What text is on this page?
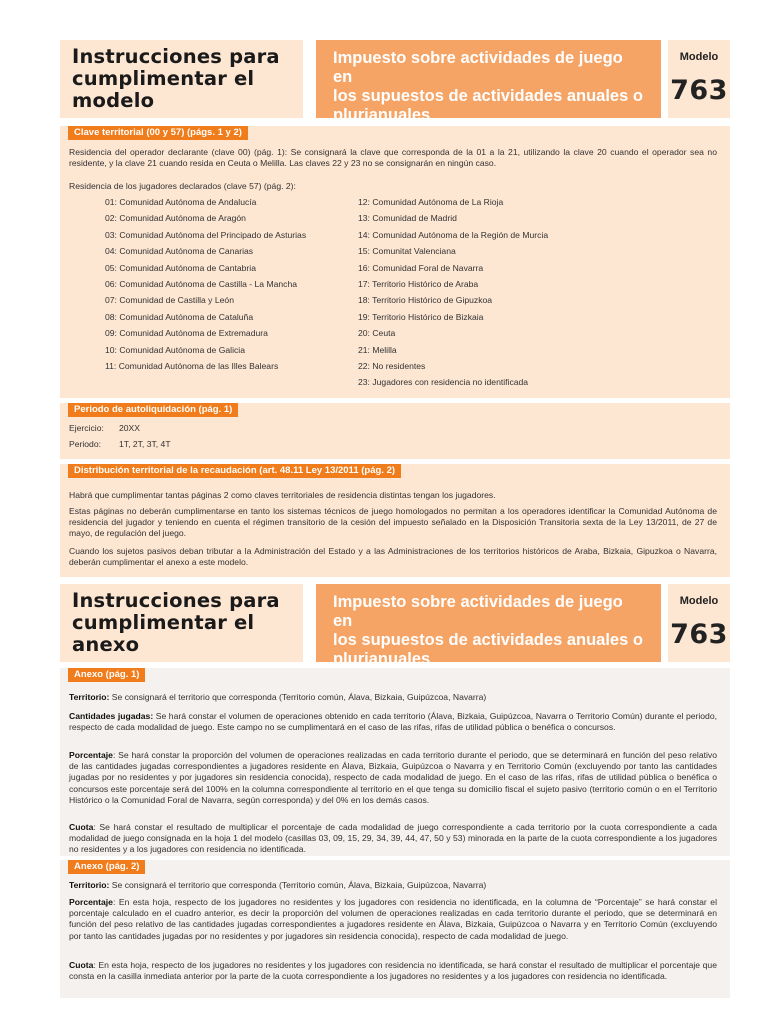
Instrucciones para
cumplimentar el
modelo
Impuesto sobre actividades de juego en
los supuestos de actividades anuales o
plurianuales
Modelo
763
Clave territorial (00 y 57) (págs. 1 y 2)
Residencia del operador declarante (clave 00) (pág. 1): Se consignará la clave que corresponda de la 01 a la 21, utilizando la clave 20 cuando el operador sea no residente, y la clave 21 cuando resida en Ceuta o Melilla. Las claves 22 y 23 no se consignarán en ningún caso.
Residencia de los jugadores declarados (clave 57) (pág. 2):
01: Comunidad Autónoma de Andalucía
02: Comunidad Autónoma de Aragón
03: Comunidad Autónoma del Principado de Asturias
04: Comunidad Autónoma de Canarias
05: Comunidad Autónoma de Cantabria
06: Comunidad Autónoma de Castilla - La Mancha
07: Comunidad de Castilla y León
08: Comunidad Autónoma de Cataluña
09: Comunidad Autónoma de Extremadura
10: Comunidad Autónoma de Galicia
11: Comunidad Autónoma de las Illes Balears
12: Comunidad Autónoma de La Rioja
13: Comunidad de Madrid
14: Comunidad Autónoma de la Región de Murcia
15: Comunitat Valenciana
16: Comunidad Foral de Navarra
17: Territorio Histórico de Araba
18: Territorio Histórico de Gipuzkoa
19: Territorio Histórico de Bizkaia
20: Ceuta
21: Melilla
22: No residentes
23: Jugadores con residencia no identificada
Periodo de autoliquidación (pág. 1)
Ejercicio: 20XX
Periodo: 1T, 2T, 3T, 4T
Distribución territorial de la recaudación (art. 48.11 Ley 13/2011 (pág. 2)
Habrá que cumplimentar tantas páginas 2 como claves territoriales de residencia distintas tengan los jugadores.
Estas páginas no deberán cumplimentarse en tanto los sistemas técnicos de juego homologados no permitan a los operadores identificar la Comunidad Autónoma de residencia del jugador y teniendo en cuenta el régimen transitorio de la cesión del impuesto señalado en la Disposición Transitoria sexta de la Ley 13/2011, de 27 de mayo, de regulación del juego.
Cuando los sujetos pasivos deban tributar a la Administración del Estado y a las Administraciones de los territorios históricos de Araba, Bizkaia, Gipuzkoa o Navarra, deberán cumplimentar el anexo a este modelo.
Instrucciones para
cumplimentar el
anexo
Impuesto sobre actividades de juego en
los supuestos de actividades anuales o
plurianuales
Modelo
763
Anexo (pág. 1)
Territorio: Se consignará el territorio que corresponda (Territorio común, Álava, Bizkaia, Guipúzcoa, Navarra)
Cantidades jugadas: Se hará constar el volumen de operaciones obtenido en cada territorio (Álava, Bizkaia, Guipúzcoa, Navarra o Territorio Común) durante el periodo, respecto de cada modalidad de juego. Este campo no se cumplimentará en el caso de las rifas, rifas de utilidad pública o benéfica o concursos.
Porcentaje: Se hará constar la proporción del volumen de operaciones realizadas en cada territorio durante el periodo, que se determinará en función del peso relativo de las cantidades jugadas correspondientes a jugadores residente en Álava, Bizkaia, Guipúzcoa o Navarra y en Territorio Común (excluyendo por tanto las cantidades jugadas por no residentes y por jugadores sin residencia conocida), respecto de cada modalidad de juego. En el caso de las rifas, rifas de utilidad pública o benéfica o concursos este porcentaje será del 100% en la columna correspondiente al territorio en el que tenga su domicilio fiscal el sujeto pasivo (territorio común o en el Territorio Histórico o la Comunidad Foral de Navarra, según corresponda) y del 0% en los demás casos.
Cuota: Se hará constar el resultado de multiplicar el porcentaje de cada modalidad de juego correspondiente a cada territorio por la cuota correspondiente a cada modalidad de juego consignada en la hoja 1 del modelo (casillas 03, 09, 15, 29, 34, 39, 44, 47, 50 y 53) minorada en la parte de la cuota correspondiente a los jugadores no residentes y a los jugadores con residencia no identificada.
Anexo (pág. 2)
Territorio: Se consignará el territorio que corresponda (Territorio común, Álava, Bizkaia, Guipúzcoa, Navarra)
Porcentaje: En esta hoja, respecto de los jugadores no residentes y los jugadores con residencia no identificada, en la columna de “Porcentaje” se hará constar el porcentaje calculado en el cuadro anterior, es decir la proporción del volumen de operaciones realizadas en cada territorio durante el periodo, que se determinará en función del peso relativo de las cantidades jugadas correspondientes a jugadores residente en Álava, Bizkaia, Guipúzcoa o Navarra y en Territorio Común (excluyendo por tanto las cantidades jugadas por no residentes y por jugadores sin residencia conocida), respecto de cada modalidad de juego.
Cuota: En esta hoja, respecto de los jugadores no residentes y los jugadores con residencia no identificada, se hará constar el resultado de multiplicar el porcentaje que consta en la casilla inmediata anterior por la parte de la cuota correspondiente a los jugadores no residentes y a los jugadores con residencia no identificada.
